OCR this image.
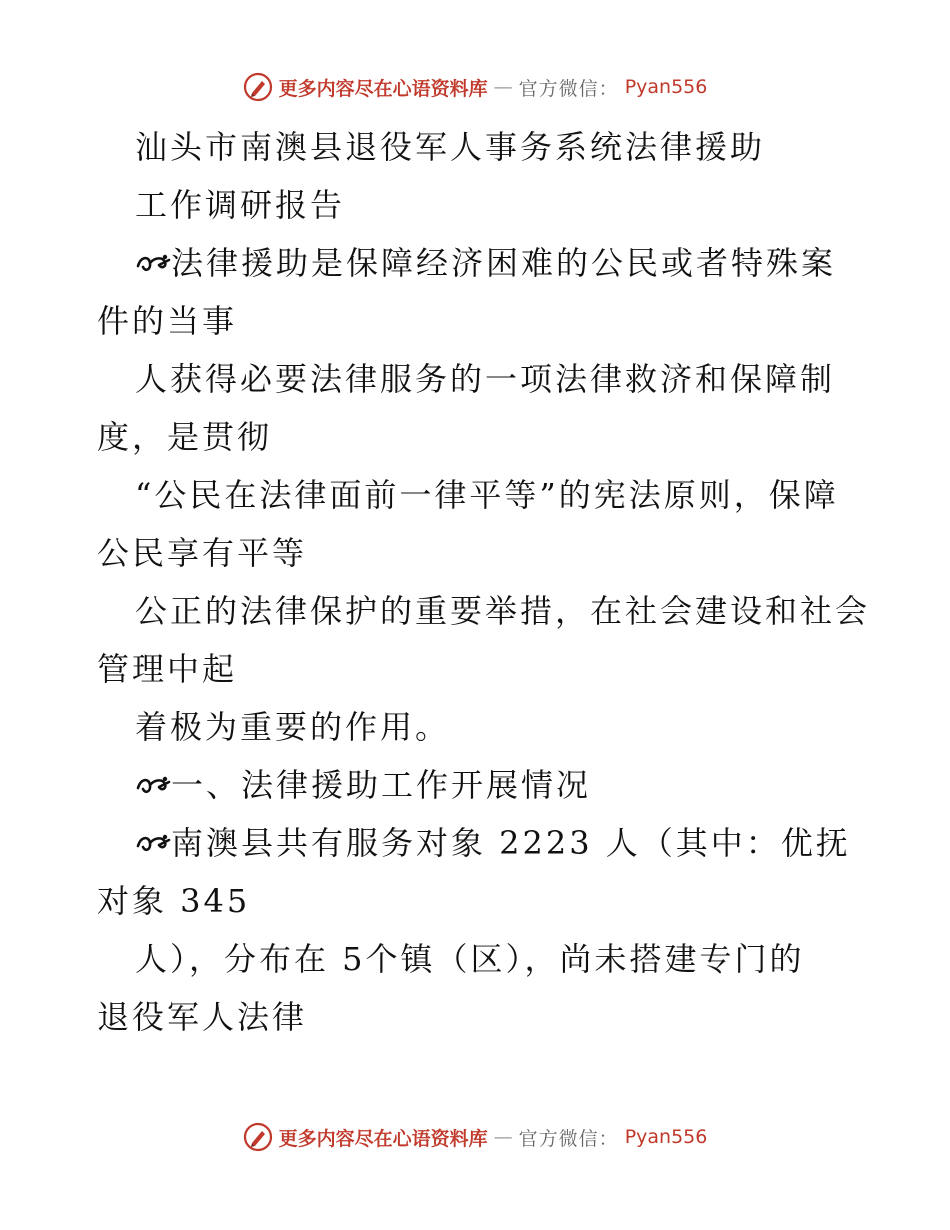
更多内容尽在心语资料库 — 官方微信： Pyan556
汕头市南澳县退役军人事务系统法律援助
工作调研报告
法律援助是保障经济困难的公民或者特殊案
件的当事
人获得必要法律服务的一项法律救济和保障制
度，是贯彻
“公民在法律面前一律平等”的宪法原则，保障
公民享有平等
公正的法律保护的重要举措，在社会建设和社会
管理中起
着极为重要的作用。
一、法律援助工作开展情况
南澳县共有服务对象 2223 人（其中：优抚
对象 345
人），分布在 5个镇（区），尚未搭建专门的
退役军人法律
更多内容尽在心语资料库 — 官方微信： Pyan556
